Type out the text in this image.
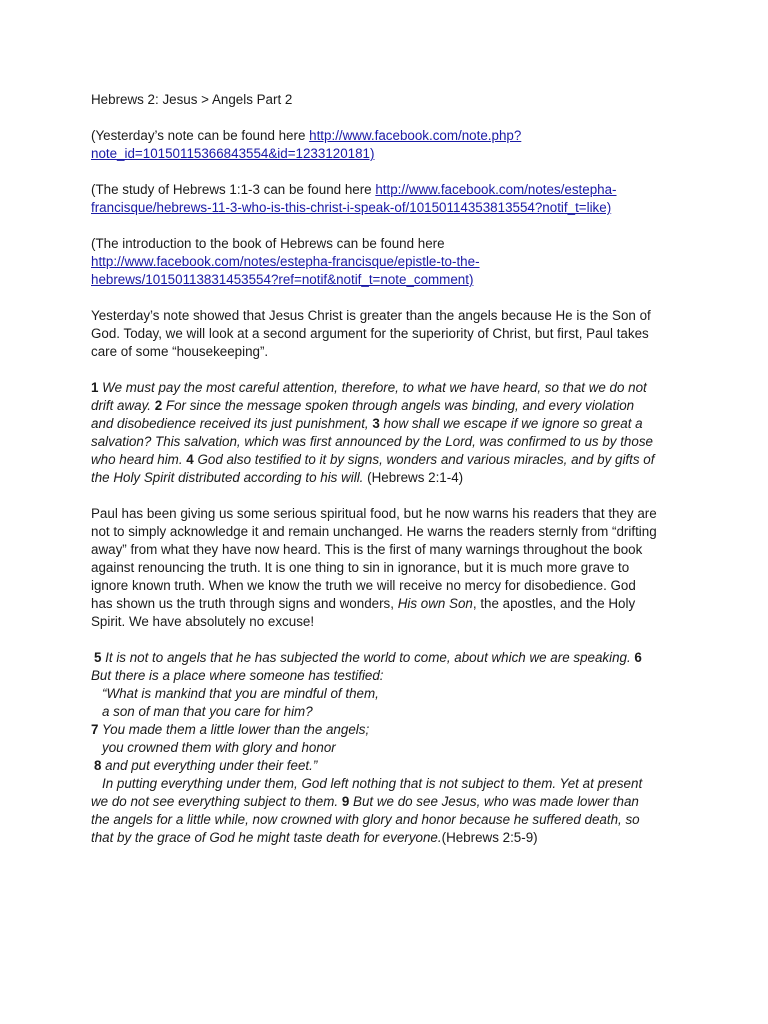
Hebrews 2: Jesus > Angels Part 2

(Yesterday’s note can be found here http://www.facebook.com/note.php?
note_id=10150115366843554&id=1233120181)

(The study of Hebrews 1:1-3 can be found here http://www.facebook.com/notes/estepha-
francisque/hebrews-11-3-who-is-this-christ-i-speak-of/10150114353813554?notif_t=like)

(The introduction to the book of Hebrews can be found here
http://www.facebook.com/notes/estepha-francisque/epistle-to-the-
hebrews/10150113831453554?ref=notif&notif_t=note_comment)

Yesterday’s note showed that Jesus Christ is greater than the angels because He is the Son of
God. Today, we will look at a second argument for the superiority of Christ, but first, Paul takes
care of some “housekeeping”.

1 We must pay the most careful attention, therefore, to what we have heard, so that we do not
drift away. 2 For since the message spoken through angels was binding, and every violation
and disobedience received its just punishment, 3 how shall we escape if we ignore so great a
salvation? This salvation, which was first announced by the Lord, was confirmed to us by those
who heard him. 4 God also testified to it by signs, wonders and various miracles, and by gifts of
the Holy Spirit distributed according to his will. (Hebrews 2:1-4)

Paul has been giving us some serious spiritual food, but he now warns his readers that they are
not to simply acknowledge it and remain unchanged. He warns the readers sternly from “drifting
away” from what they have now heard. This is the first of many warnings throughout the book
against renouncing the truth. It is one thing to sin in ignorance, but it is much more grave to
ignore known truth. When we know the truth we will receive no mercy for disobedience. God
has shown us the truth through signs and wonders, His own Son, the apostles, and the Holy
Spirit. We have absolutely no excuse!

5 It is not to angels that he has subjected the world to come, about which we are speaking. 6
But there is a place where someone has testified:
“What is mankind that you are mindful of them,
a son of man that you care for him?
7 You made them a little lower than the angels;
you crowned them with glory and honor
8 and put everything under their feet.”
In putting everything under them, God left nothing that is not subject to them. Yet at present
we do not see everything subject to them. 9 But we do see Jesus, who was made lower than
the angels for a little while, now crowned with glory and honor because he suffered death, so
that by the grace of God he might taste death for everyone.(Hebrews 2:5-9)
